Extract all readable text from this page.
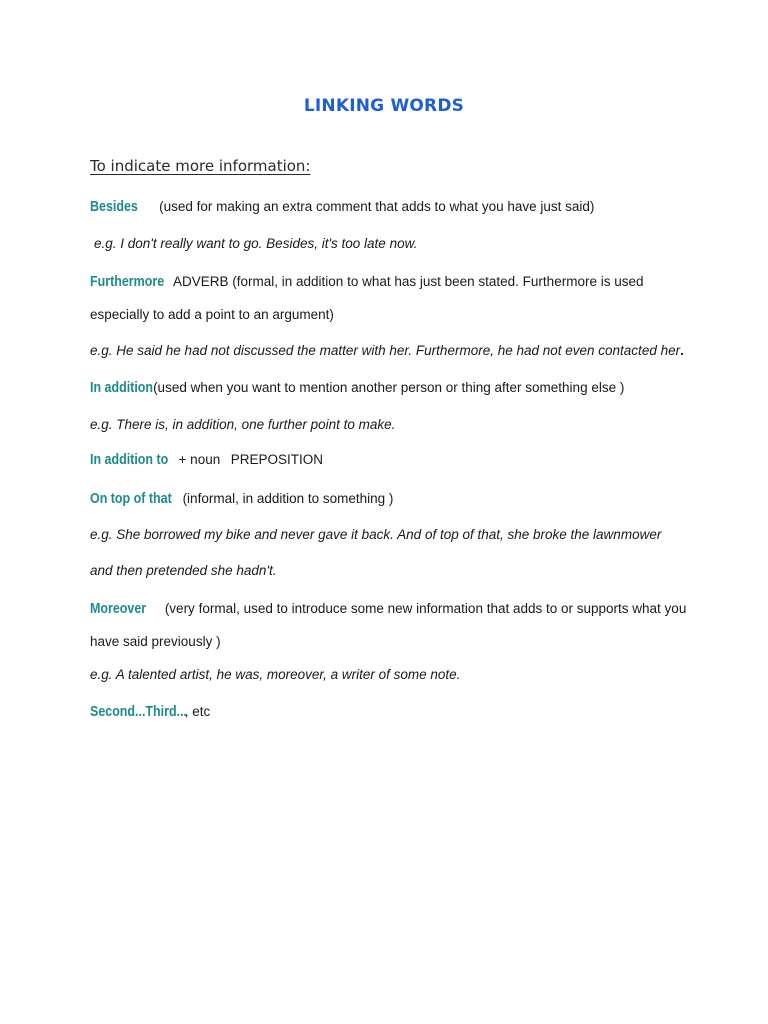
LINKING WORDS
To indicate more information:
Besides (used for making an extra comment that adds to what you have just said)
e.g. I don't really want to go. Besides, it's too late now.
Furthermore ADVERB (formal, in addition to what has just been stated. Furthermore is used
especially to add a point to an argument)
e.g. He said he had not discussed the matter with her. Furthermore, he had not even contacted her.
In addition (used when you want to mention another person or thing after something else )
e.g. There is, in addition, one further point to make.
In addition to + noun PREPOSITION
On top of that (informal, in addition to something )
e.g. She borrowed my bike and never gave it back. And of top of that, she broke the lawnmower
and then pretended she hadn't.
Moreover (very formal, used to introduce some new information that adds to or supports what you
have said previously )
e.g. A talented artist, he was, moreover, a writer of some note.
Second...Third..., etc
